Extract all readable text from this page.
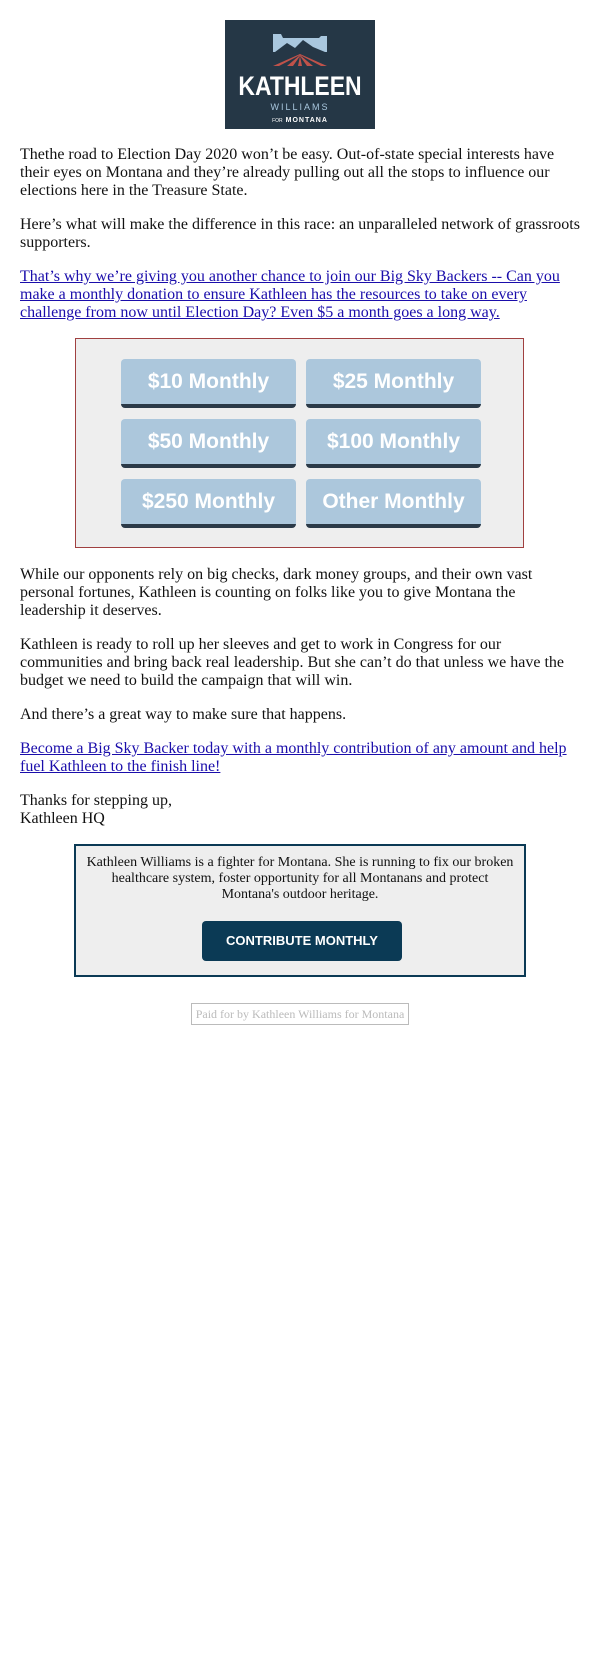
KATHLEEN
WILLIAMS
FOR MONTANA

Thethe road to Election Day 2020 won’t be easy. Out-of-state special interests have their eyes on Montana and they’re already pulling out all the stops to influence our elections here in the Treasure State.

Here’s what will make the difference in this race: an unparalleled network of grassroots supporters.

That’s why we’re giving you another chance to join our Big Sky Backers -- Can you make a monthly donation to ensure Kathleen has the resources to take on every challenge from now until Election Day? Even $5 a month goes a long way.

$10 Monthly	$25 Monthly
$50 Monthly	$100 Monthly
$250 Monthly	Other Monthly

While our opponents rely on big checks, dark money groups, and their own vast personal fortunes, Kathleen is counting on folks like you to give Montana the leadership it deserves.

Kathleen is ready to roll up her sleeves and get to work in Congress for our communities and bring back real leadership. But she can’t do that unless we have the budget we need to build the campaign that will win.

And there’s a great way to make sure that happens.

Become a Big Sky Backer today with a monthly contribution of any amount and help fuel Kathleen to the finish line!

Thanks for stepping up,
Kathleen HQ

Kathleen Williams is a fighter for Montana. She is running to fix our broken healthcare system, foster opportunity for all Montanans and protect Montana's outdoor heritage.

CONTRIBUTE MONTHLY
Paid for by Kathleen Williams for Montana
